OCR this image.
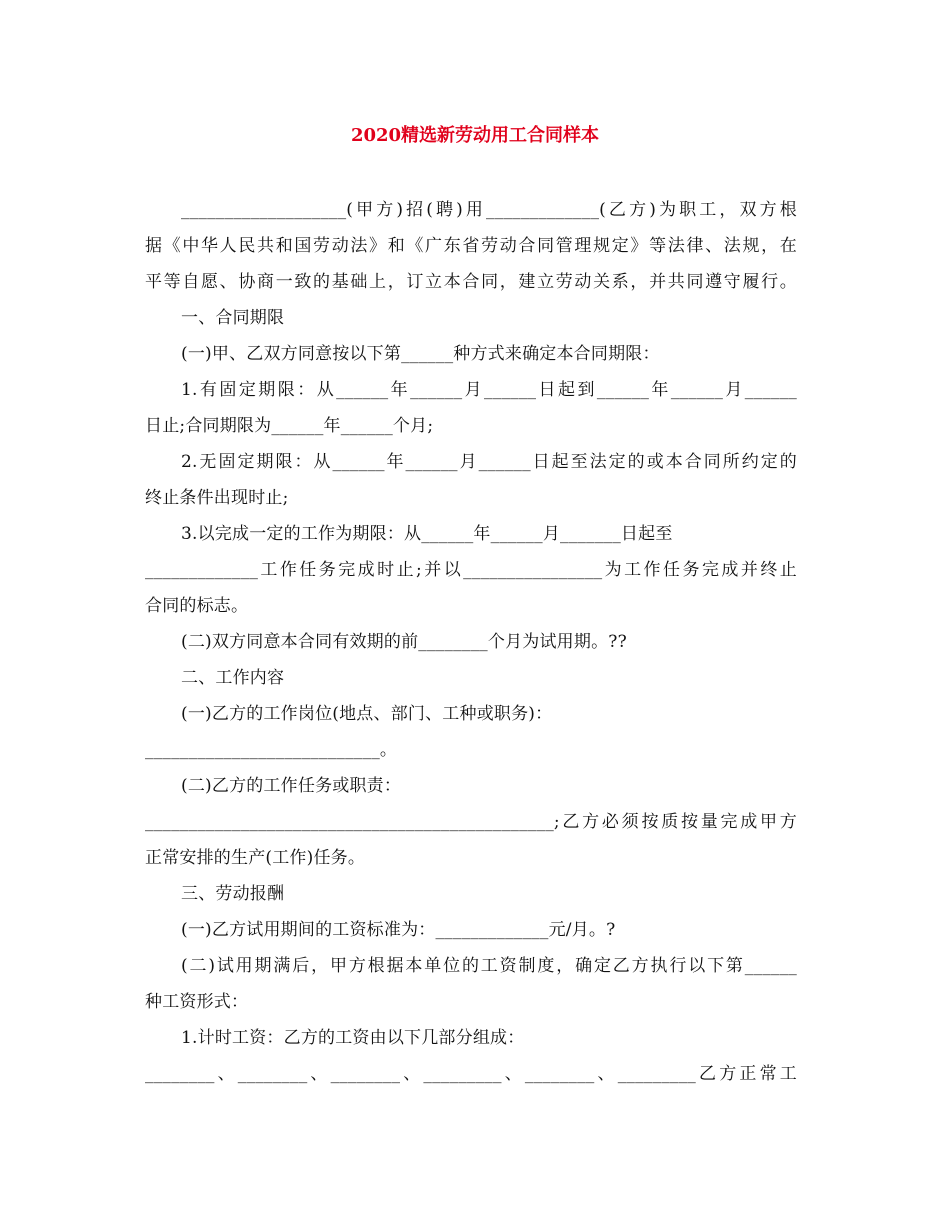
2020精选新劳动用工合同样本
___________________(甲方)招(聘)用_____________(乙方)为职工，双方根
据《中华人民共和国劳动法》和《广东省劳动合同管理规定》等法律、法规，在
平等自愿、协商一致的基础上，订立本合同，建立劳动关系，并共同遵守履行。
一、合同期限
(一)甲、乙双方同意按以下第______种方式来确定本合同期限：
1.有固定期限：从______年______月______日起到______年______月______
日止;合同期限为______年______个月;
2.无固定期限：从______年______月______日起至法定的或本合同所约定的
终止条件出现时止;
3.以完成一定的工作为期限：从______年______月_______日起至
_____________工作任务完成时止;并以________________为工作任务完成并终止
合同的标志。
(二)双方同意本合同有效期的前________个月为试用期。??
二、工作内容
(一)乙方的工作岗位(地点、部门、工种或职务)：
___________________________。
(二)乙方的工作任务或职责：
_______________________________________________;乙方必须按质按量完成甲方
正常安排的生产(工作)任务。
三、劳动报酬
(一)乙方试用期间的工资标准为：_____________元/月。?
(二)试用期满后，甲方根据本单位的工资制度，确定乙方执行以下第______
种工资形式：
1.计时工资：乙方的工资由以下几部分组成：
________、________、________、_________、________、_________乙方正常工
